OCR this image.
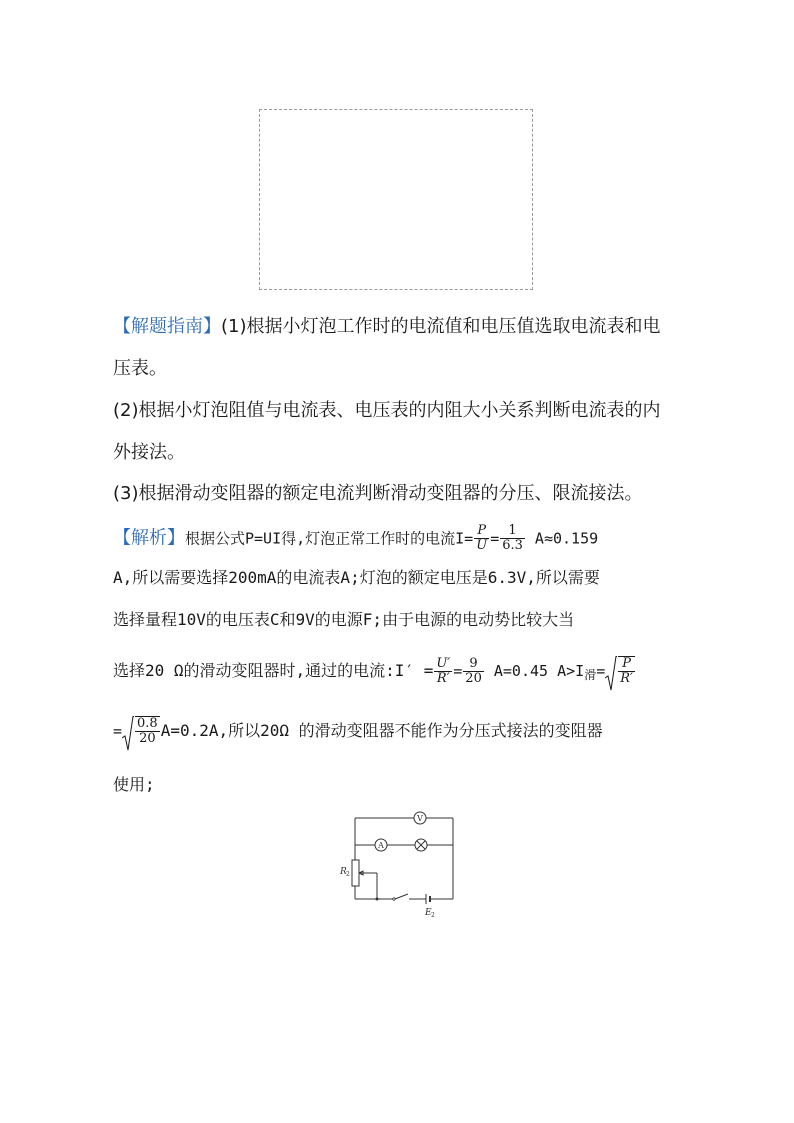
【解题指南】(1)根据小灯泡工作时的电流值和电压值选取电流表和电
压表。
(2)根据小灯泡阻值与电流表、电压表的内阻大小关系判断电流表的内
外接法。
(3)根据滑动变阻器的额定电流判断滑动变阻器的分压、限流接法。
【解析】根据公式P=UI得,灯泡正常工作时的电流$I= \frac{P}{U} = \frac{1}{6.3} A\approx 0.159$
A,所以需要选择200mA的电流表A;灯泡的额定电压是6.3V,所以需要
选择量程10V的电压表C和9V的电源F;由于电源的电动势比较大当
选择20 Ω的滑动变阻器时,通过的电流:I′ = $\frac{U'}{R'} = \frac{9}{20} A=0.45$ $A>I_滑= \frac{P}{R'}$
= $\frac{0.8}{20} A=0.2A$,所以20Ω 的滑动变阻器不能作为分压式接法的变阻器
使用;
V
A
R 2
E 2
